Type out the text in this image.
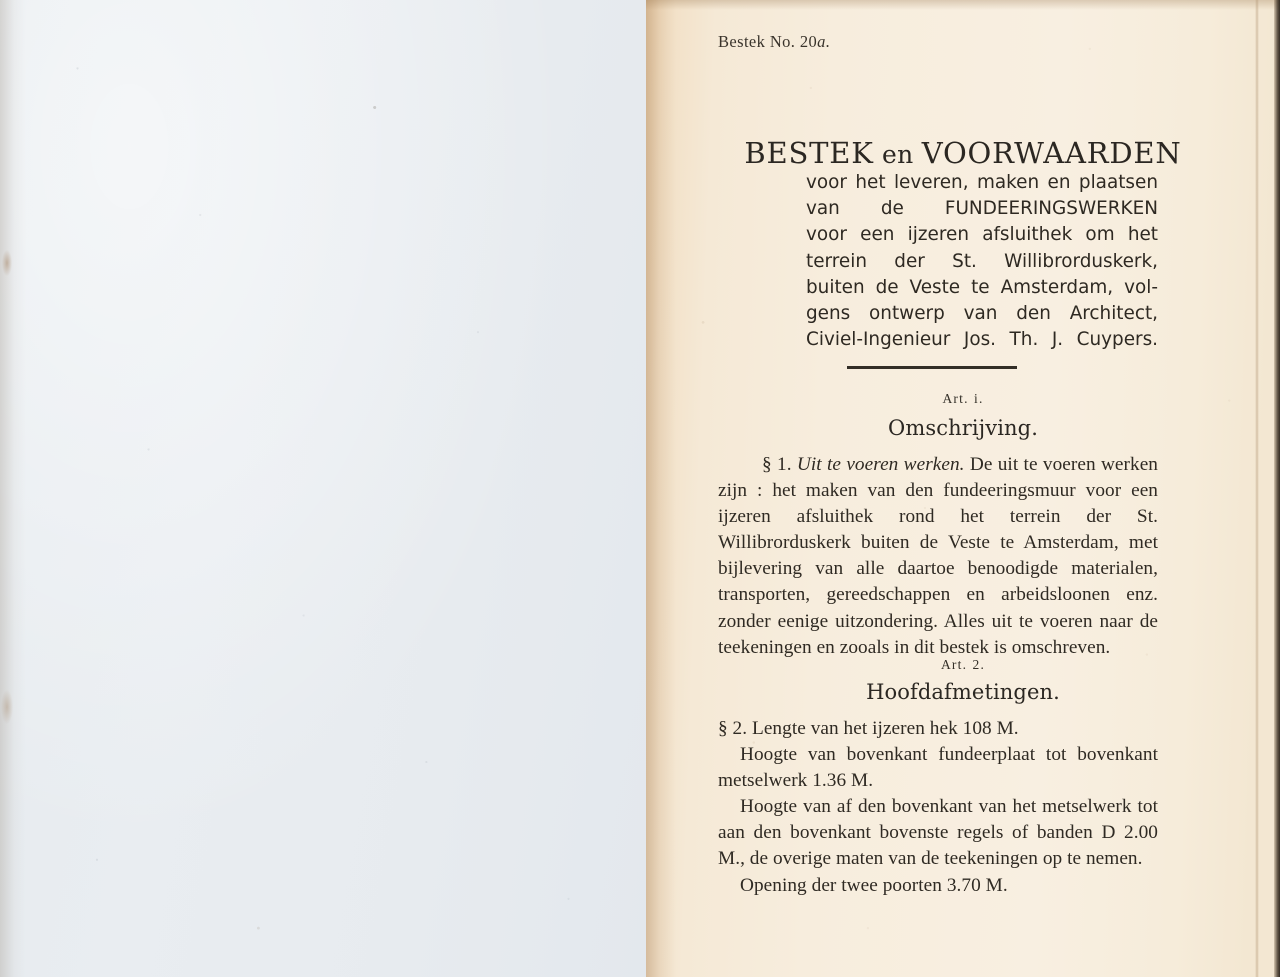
Bestek No. 20a.
BESTEK en VOORWAARDEN
voor het leveren, maken en plaatsen
van de FUNDEERINGSWERKEN
voor een ijzeren afsluithek om het
terrein der St. Willibrorduskerk,
buiten de Veste te Amsterdam, vol-
gens ontwerp van den Architect,
Civiel-Ingenieur Jos. Th. J. Cuypers.
Art. i.
Omschrijving.

§ 1. Uit te voeren werken. De uit te voeren werken zijn : het maken van den fundeeringsmuur voor een ijzeren afsluithek rond het terrein der St. Willibrorduskerk buiten de Veste te Amsterdam, met bijlevering van alle daartoe benoodigde materialen, transporten, gereedschappen en arbeidsloonen enz. zonder eenige uitzondering. Alles uit te voeren naar de teekeningen en zooals in dit bestek is omschreven.

Art. 2.
Hoofdafmetingen.

§ 2. Lengte van het ijzeren hek 108 M.

Hoogte van bovenkant fundeerplaat tot bovenkant metselwerk 1.36 M.

Hoogte van af den bovenkant van het metselwerk tot aan den bovenkant bovenste regels of banden D 2.00 M., de overige maten van de teekeningen op te nemen.

Opening der twee poorten 3.70 M.
